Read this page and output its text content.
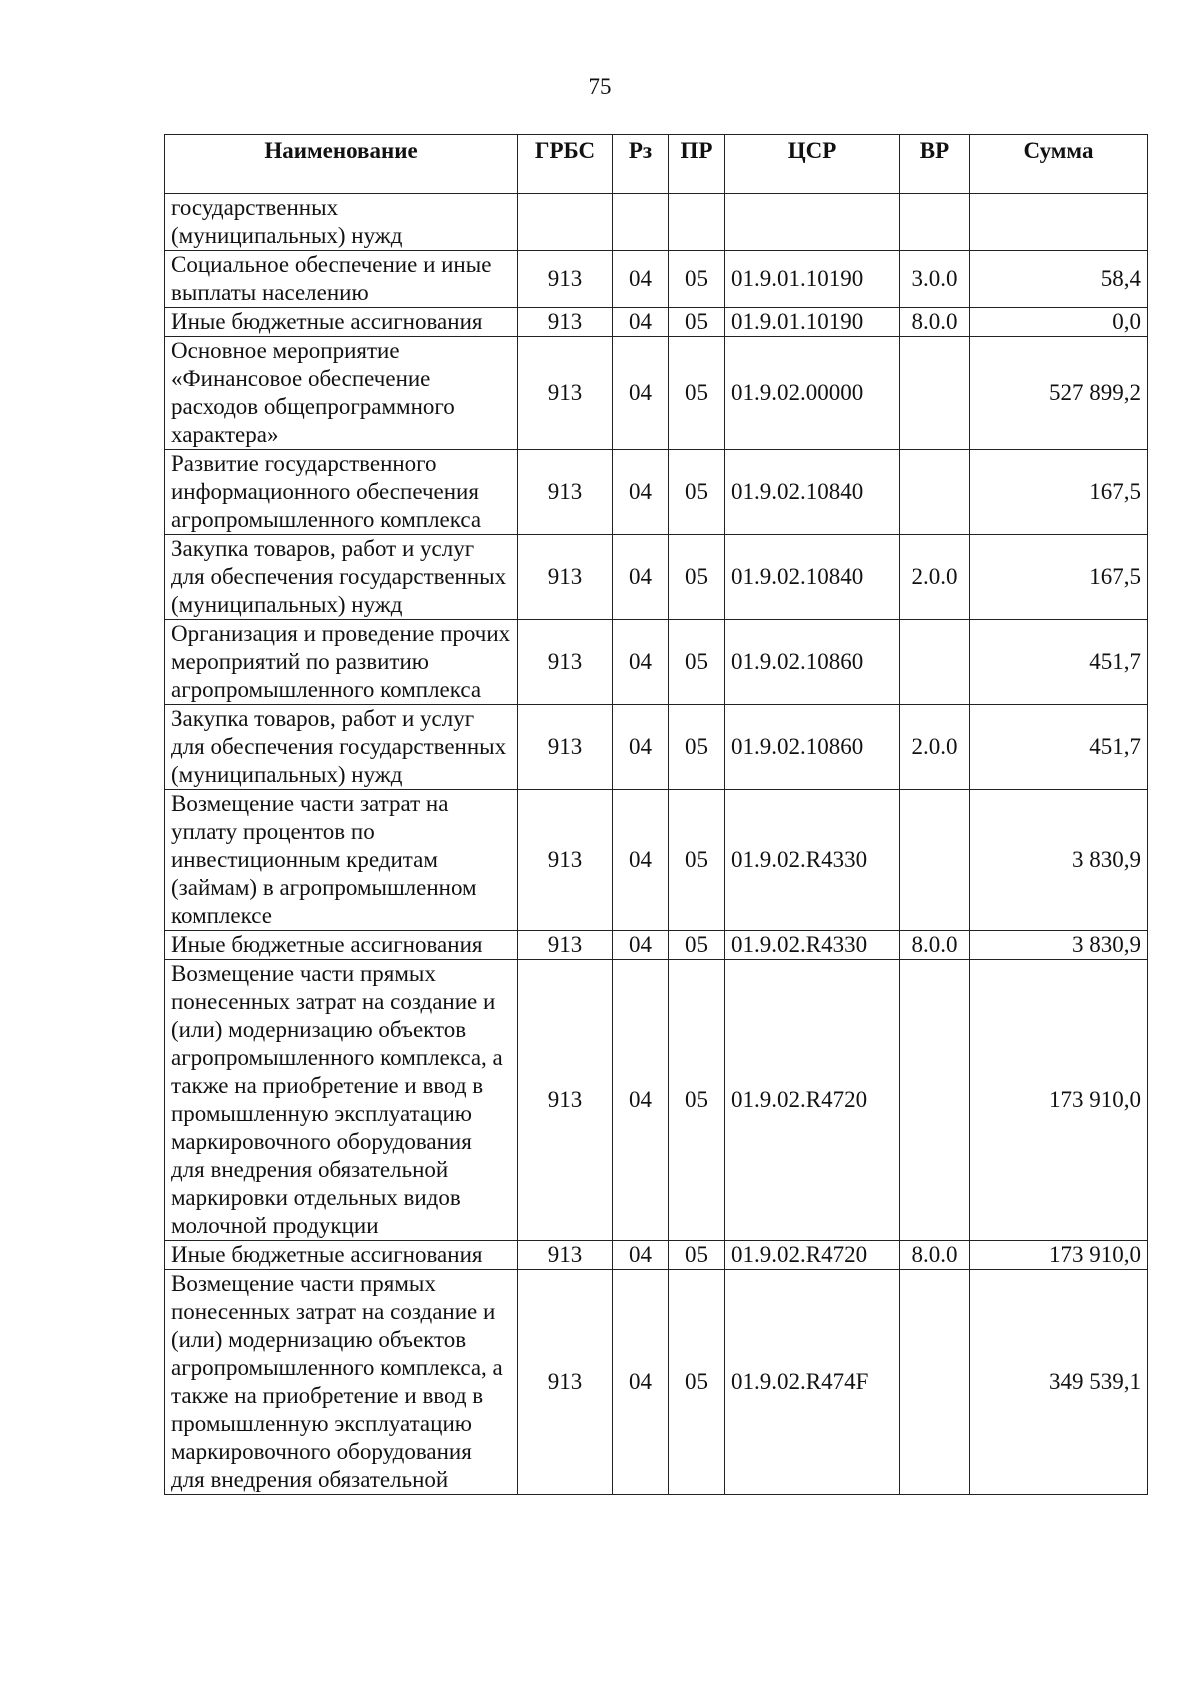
75
Наименование	ГРБС	Рз	ПР	ЦСР	ВР	Сумма
государственных (муниципальных) нужд						
Социальное обеспечение и иные выплаты населению	913	04	05	01.9.01.10190	3.0.0	58,4
Иные бюджетные ассигнования	913	04	05	01.9.01.10190	8.0.0	0,0
Основное мероприятие «Финансовое обеспечение расходов общепрограммного характера»	913	04	05	01.9.02.00000		527 899,2
Развитие государственного информационного обеспечения агропромышленного комплекса	913	04	05	01.9.02.10840		167,5
Закупка товаров, работ и услуг для обеспечения государственных (муниципальных) нужд	913	04	05	01.9.02.10840	2.0.0	167,5
Организация и проведение прочих мероприятий по развитию агропромышленного комплекса	913	04	05	01.9.02.10860		451,7
Закупка товаров, работ и услуг для обеспечения государственных (муниципальных) нужд	913	04	05	01.9.02.10860	2.0.0	451,7
Возмещение части затрат на уплату процентов по инвестиционным кредитам (займам) в агропромышленном комплексе	913	04	05	01.9.02.R4330		3 830,9
Иные бюджетные ассигнования	913	04	05	01.9.02.R4330	8.0.0	3 830,9
Возмещение части прямых понесенных затрат на создание и (или) модернизацию объектов агропромышленного комплекса, а также на приобретение и ввод в промышленную эксплуатацию маркировочного оборудования для внедрения обязательной маркировки отдельных видов молочной продукции	913	04	05	01.9.02.R4720		173 910,0
Иные бюджетные ассигнования	913	04	05	01.9.02.R4720	8.0.0	173 910,0
Возмещение части прямых понесенных затрат на создание и (или) модернизацию объектов агропромышленного комплекса, а также на приобретение и ввод в промышленную эксплуатацию маркировочного оборудования для внедрения обязательной	913	04	05	01.9.02.R474F		349 539,1
